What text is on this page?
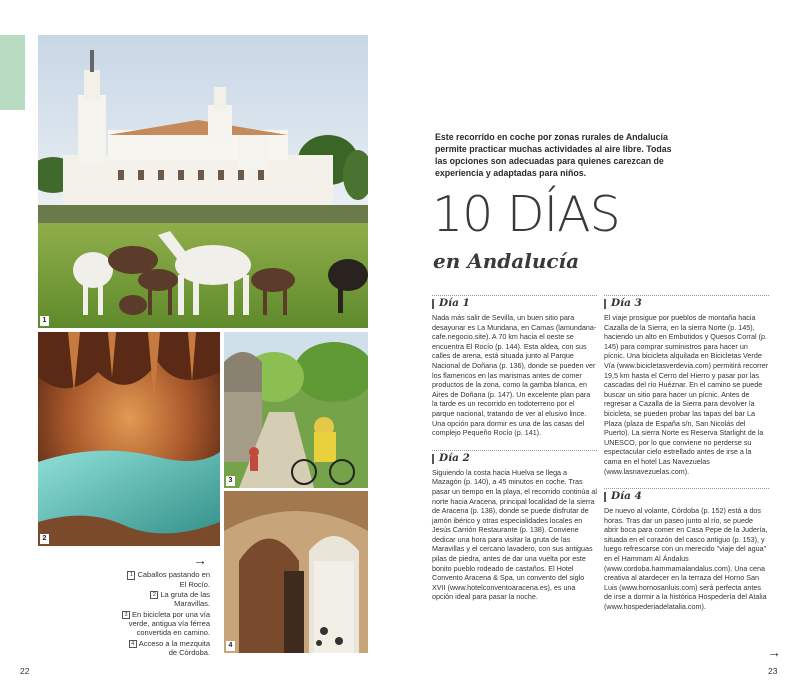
1
2
3
4
→

1 Caballos pastando en El Rocío.

2 La gruta de las Maravillas.

3 En bicicleta por una vía verde, antigua vía férrea convertida en camino.

4 Acceso a la mezquita de Córdoba.

22
Este recorrido en coche por zonas rurales de Andalucía permite practicar muchas actividades al aire libre. Todas las opciones son adecuadas para quienes carezcan de experiencia y adaptadas para niños.
10 DÍAS
en Andalucía
Día 1

Nada más salir de Sevilla, un buen sitio para desayunar es La Mundana, en Camas (lamundana-cafe.negocio.site). A 70 km hacia el oeste se encuentra El Rocío (p. 144). Esta aldea, con sus calles de arena, está situada junto al Parque Nacional de Doñana (p. 136), donde se pueden ver los flamencos en las marismas antes de comer productos de la zona, como la gamba blanca, en Aires de Doñana (p. 147). Un excelente plan para la tarde es un recorrido en todoterreno por el parque nacional, tratando de ver al elusivo lince. Una opción para dormir es una de las casas del complejo Pequeño Rocío (p. 141).

Día 2

Siguiendo la costa hacia Huelva se llega a Mazagón (p. 140), a 45 minutos en coche. Tras pasar un tiempo en la playa, el recorrido continúa al norte hacia Aracena, principal localidad de la sierra de Aracena (p. 138), donde se puede disfrutar de jamón ibérico y otras especialidades locales en Jesús Carrión Restaurante (p. 138). Conviene dedicar una hora para visitar la gruta de las Maravillas y el cercano lavadero, con sus antiguas pilas de piedra, antes de dar una vuelta por este bonito pueblo rodeado de castaños. El Hotel Convento Aracena & Spa, un convento del siglo XVII (www.hotelconventoaracena.es), es una opción ideal para pasar la noche.

Día 3

El viaje prosigue por pueblos de montaña hacia Cazalla de la Sierra, en la sierra Norte (p. 145), haciendo un alto en Embutidos y Quesos Corral (p. 145) para comprar suministros para hacer un pícnic. Una bicicleta alquilada en Bicicletas Verde Vía (www.bicicletasverdevia.com) permitirá recorrer 19,5 km hasta el Cerro del Hierro y pasar por las cascadas del río Huéznar. En el camino se puede buscar un sitio para hacer un pícnic. Antes de regresar a Cazalla de la Sierra para devolver la bicicleta, se pueden probar las tapas del bar La Plaza (plaza de España s/n, San Nicolás del Puerto). La sierra Norte es Reserva Starlight de la UNESCO, por lo que conviene no perderse su espectacular cielo estrellado antes de irse a la cama en el hotel Las Navezuelas (www.lasnavezuelas.com).

Día 4

De nuevo al volante, Córdoba (p. 152) está a dos horas. Tras dar un paseo junto al río, se puede abrir boca para comer en Casa Pepe de la Judería, situada en el corazón del casco antiguo (p. 153), y luego refrescarse con un merecido "viaje del agua" en el Hammam Al Ándalus (www.cordoba.hammamalandalus.com). Una cena creativa al atardecer en la terraza del Horno San Luis (www.hornosanluis.com) será perfecta antes de irse a dormir a la histórica Hospedería del Atalia (www.hospederiadelatalia.com).

→
23
